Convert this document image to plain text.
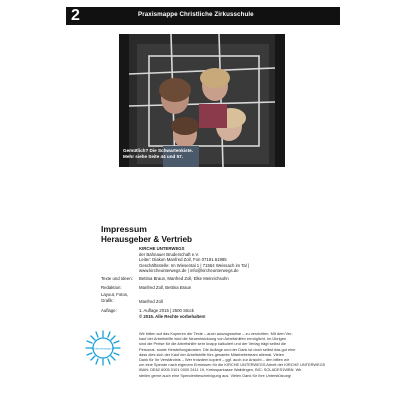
2	Praxismappe Christliche Zirkusschule
Gemütlich? Die Schwartenkiste.
Mehr siehe Seite 44 und 57.
Impressum
Herausgeber & Vertrieb
KIRCHE UNTERWEGS
der Bahnauer Bruderschaft e.V.
Leiter: Diakon Manfred Zoll, Fon 07191.61985
Geschäftsstelle: Im Wiesental 1 | 71554 Weissach im Tal |
www.kircheunterwegs.de | info@kircheunterwegs.de
Texte und Ideen: Bettina Braun, Manfred Zoll, Elke Meinrichsohn
Redaktion:	Manfred Zoll, Bettina Braun
Layout, Fotos,
Grafik:	Manfred Zoll
Auflage:	1. Auflage 2015 | 2500 Stück
© 2015. Alle Rechte vorbehalten!
Wir bitten auf das Kopieren der Texte – auch auszugsweise – zu verzichten. Mit dem Ver-
kauf der Arbeitshilfe wird die Neuentwicklung von Arbeitshilfen ermöglicht. Im Übrigen
sind die Preise für die Arbeitshilfe sehr knapp kalkuliert und der Verlag trägt selbst die
Personal- sowie Herstellungskosten. Die Auflage und der Dank ist doch selbst das gut eine
dass dies sich der Kauf der Arbeitshilfe fürs gesamte Mitarbeiterteam allemal. Vielen
Dank für Ihr Verständnis – Wer trotzdem kopiert – ggf. auch zur Ansicht – den bitten wir
um eine Spende nach eigenem Ermessen für die KIRCHE UNTERWEGS Arbeit der KIRCHE UNTERWEGS
IBAN: DE62 6005 0101 0000 2411 19, Kreissparkasse Waiblingen, BIC: SOLADES1WBN. Wir
stellen gerne auch eine Spendenbescheinigung aus. Vielen Dank für Ihre Unterstützung!
kircheunterwegs.de
